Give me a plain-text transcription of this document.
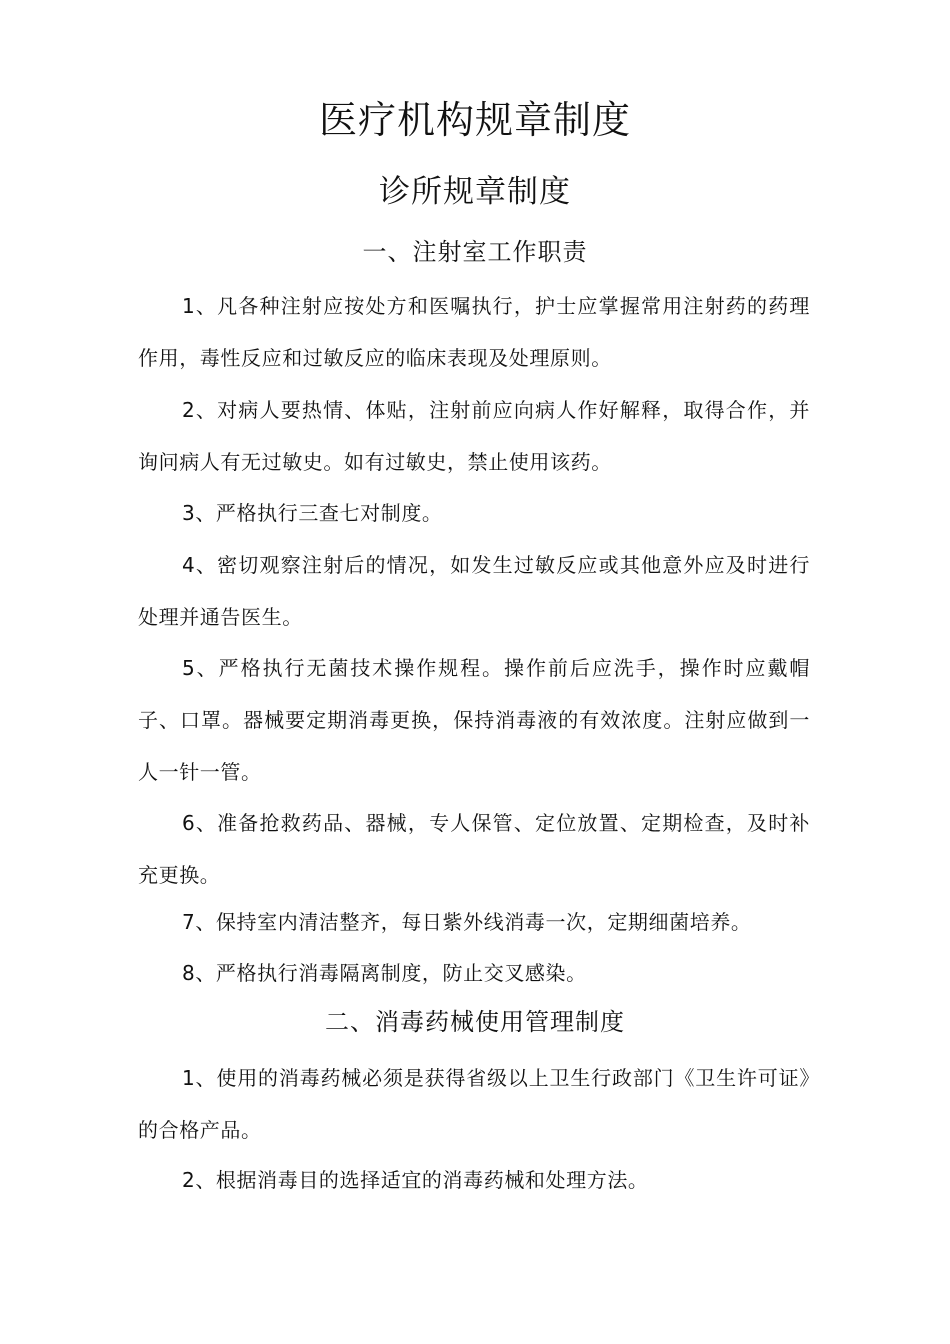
医疗机构规章制度
诊所规章制度
一、注射室工作职责

1、凡各种注射应按处方和医嘱执行，护士应掌握常用注射药的药理作用，毒性反应和过敏反应的临床表现及处理原则。

2、对病人要热情、体贴，注射前应向病人作好解释，取得合作，并询问病人有无过敏史。如有过敏史，禁止使用该药。

3、严格执行三查七对制度。

4、密切观察注射后的情况，如发生过敏反应或其他意外应及时进行处理并通告医生。

5、严格执行无菌技术操作规程。操作前后应洗手，操作时应戴帽子、口罩。器械要定期消毒更换，保持消毒液的有效浓度。注射应做到一人一针一管。

6、准备抢救药品、器械，专人保管、定位放置、定期检查，及时补充更换。

7、保持室内清洁整齐，每日紫外线消毒一次，定期细菌培养。

8、严格执行消毒隔离制度，防止交叉感染。

二、消毒药械使用管理制度

1、使用的消毒药械必须是获得省级以上卫生行政部门《卫生许可证》的合格产品。

2、根据消毒目的选择适宜的消毒药械和处理方法。
